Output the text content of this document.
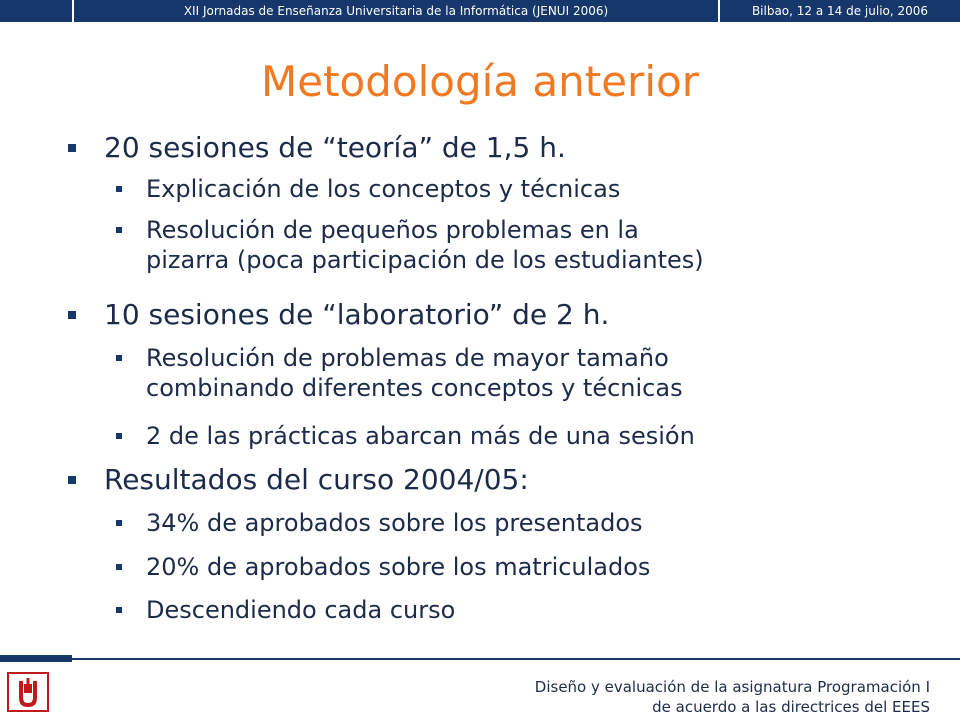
XII Jornadas de Enseñanza Universitaria de la Informática (JENUI 2006)	Bilbao, 12 a 14 de julio, 2006
Metodología anterior
20 sesiones de “teoría” de 1,5 h.
Explicación de los conceptos y técnicas
Resolución de pequeños problemas en la
pizarra (poca participación de los estudiantes)
10 sesiones de “laboratorio” de 2 h.
Resolución de problemas de mayor tamaño
combinando diferentes conceptos y técnicas
2 de las prácticas abarcan más de una sesión
Resultados del curso 2004/05:
34% de aprobados sobre los presentados
20% de aprobados sobre los matriculados
Descendiendo cada curso
Diseño y evaluación de la asignatura Programación I
de acuerdo a las directrices del EEES
